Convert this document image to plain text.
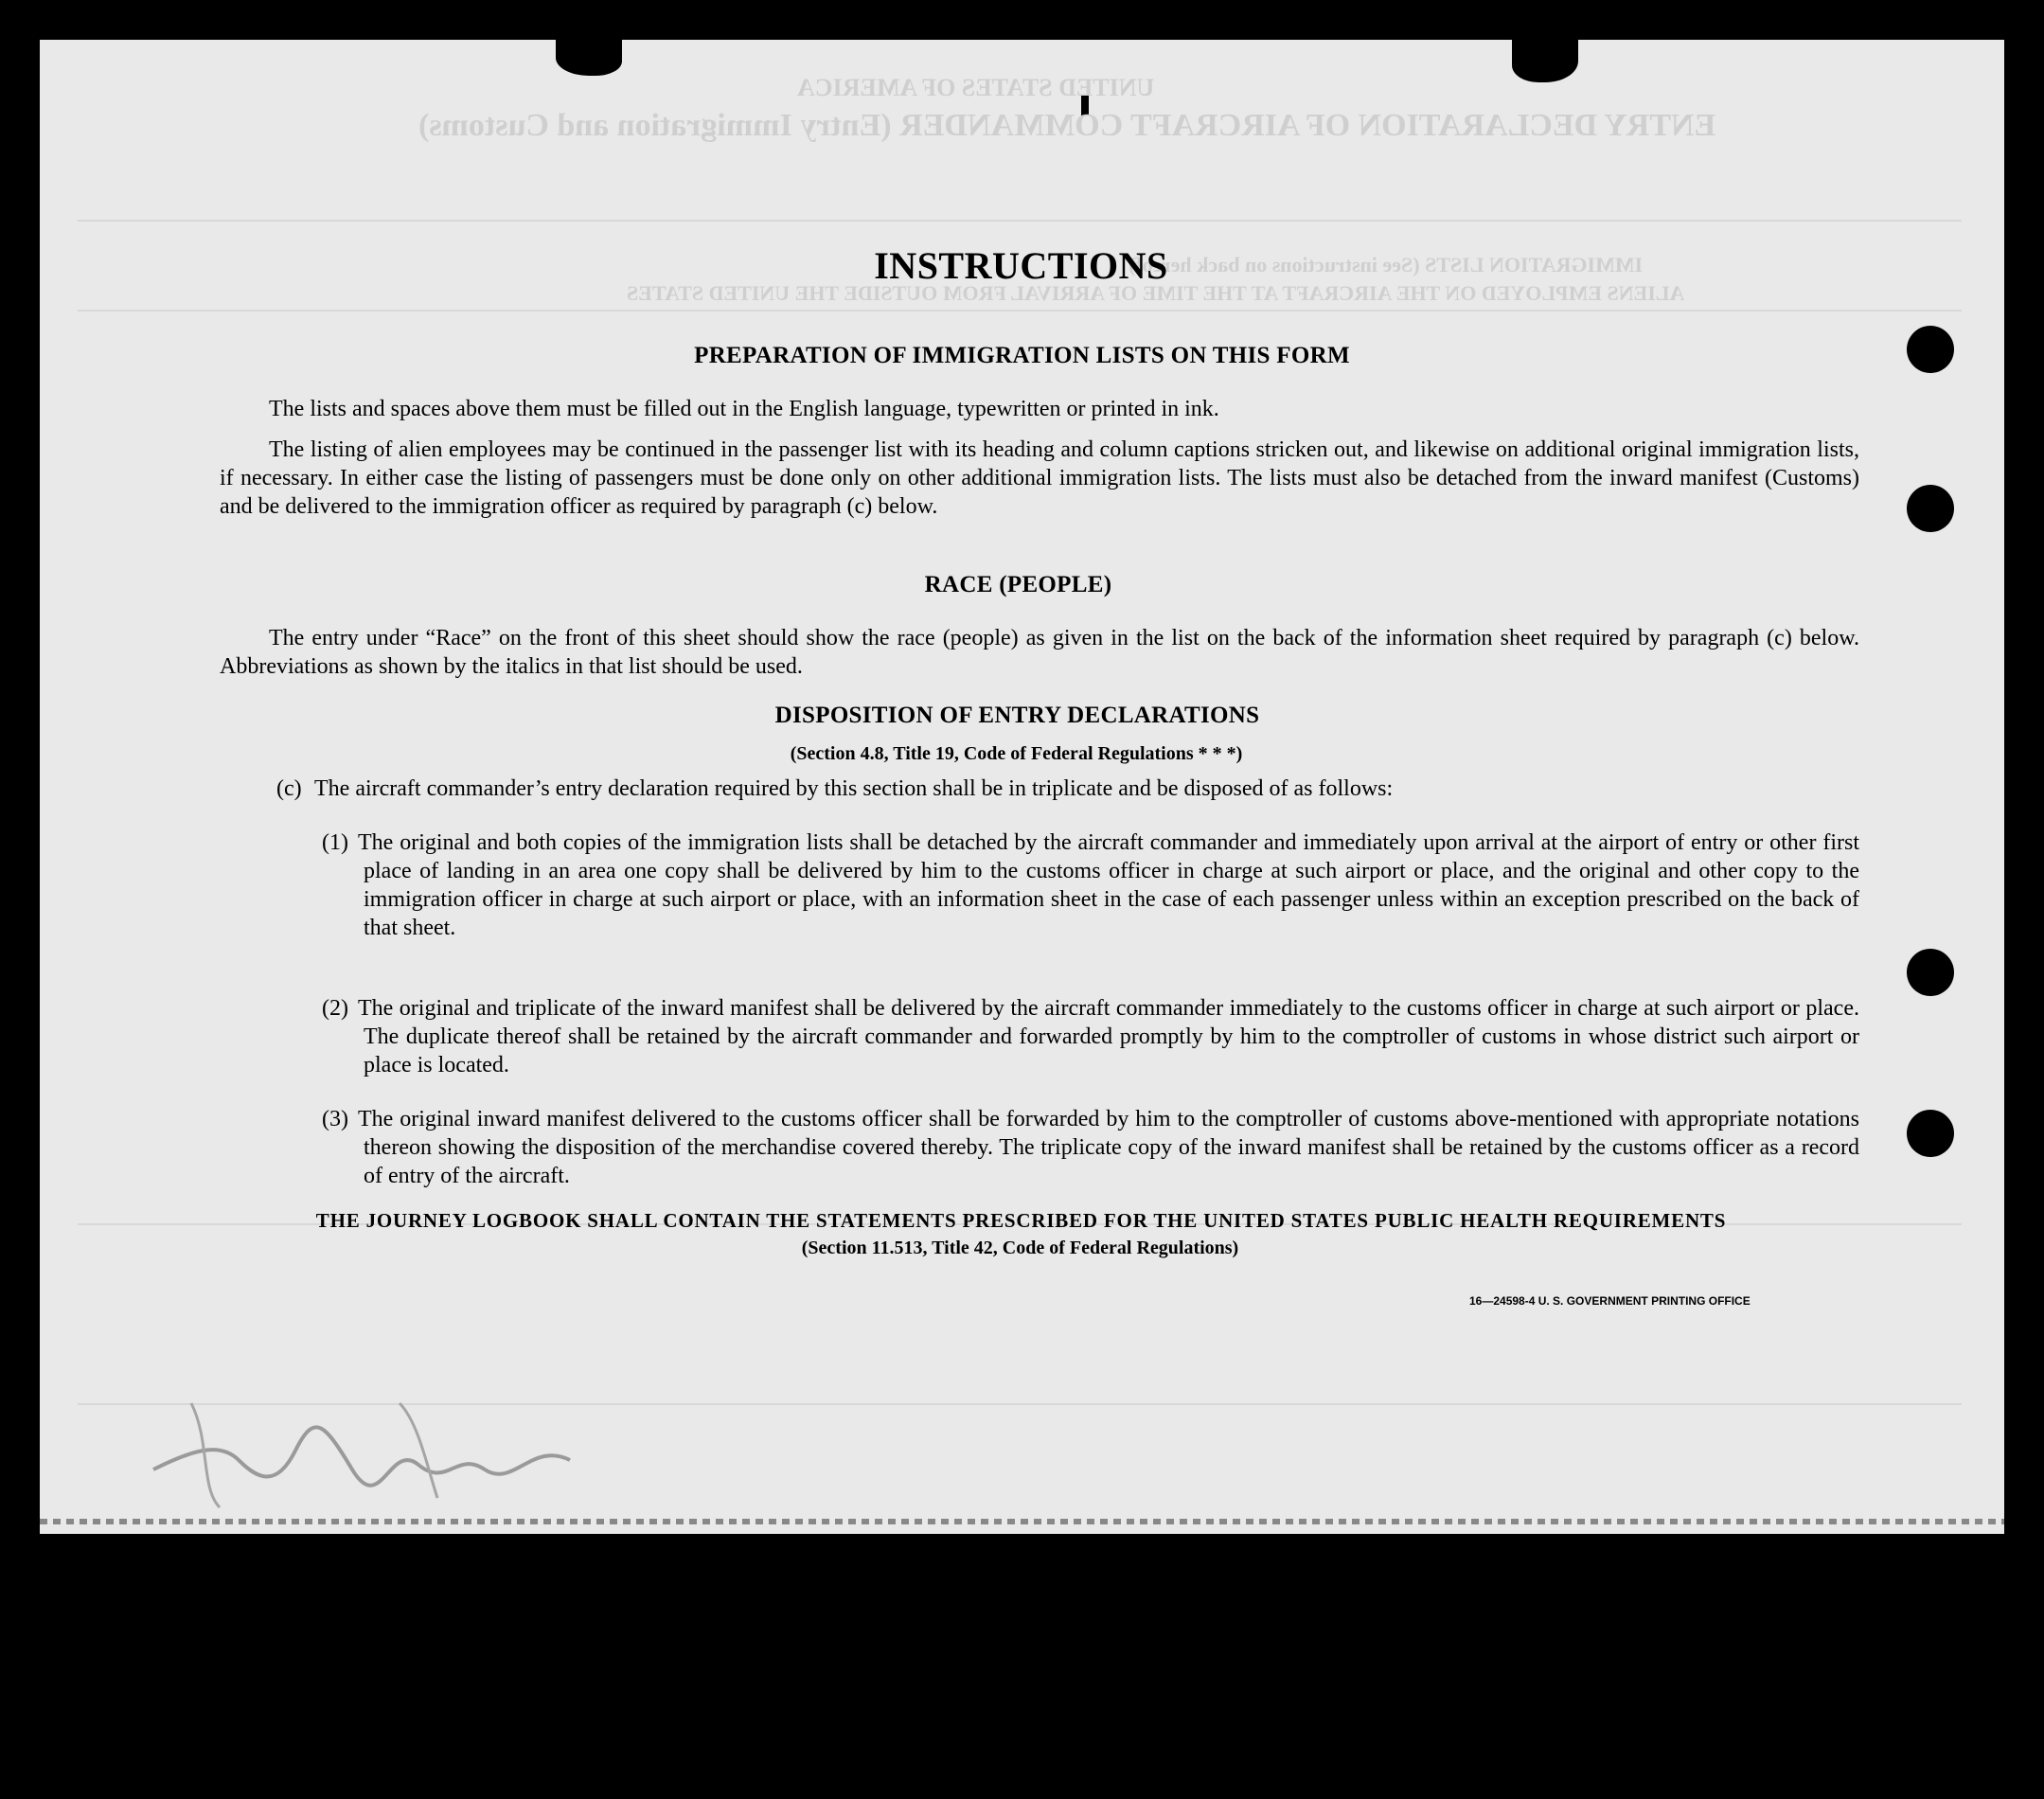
ENTRY DECLARATION OF AIRCRAFT COMMANDER (Entry Immigration and Customs)
UNITED STATES OF AMERICA
ALIENS EMPLOYED ON THE AIRCRAFT AT THE TIME OF ARRIVAL FROM OUTSIDE THE UNITED STATES
IMMIGRATION LISTS (See instructions on back hereof)
INSTRUCTIONS
PREPARATION OF IMMIGRATION LISTS ON THIS FORM
The lists and spaces above them must be filled out in the English language, typewritten or printed in ink.
The listing of alien employees may be continued in the passenger list with its heading and column captions stricken out, and likewise on additional original immigration lists, if necessary. In either case the listing of passengers must be done only on other additional immigration lists. The lists must also be detached from the inward manifest (Customs) and be delivered to the immigration officer as required by paragraph (c) below.
RACE (PEOPLE)
The entry under “Race” on the front of this sheet should show the race (people) as given in the list on the back of the information sheet required by paragraph (c) below. Abbreviations as shown by the italics in that list should be used.
DISPOSITION OF ENTRY DECLARATIONS
(Section 4.8, Title 19, Code of Federal Regulations * * *)
(c) The aircraft commander’s entry declaration required by this section shall be in triplicate and be disposed of as follows:
(1) The original and both copies of the immigration lists shall be detached by the aircraft commander and immediately upon arrival at the airport of entry or other first place of landing in an area one copy shall be delivered by him to the customs officer in charge at such airport or place, and the original and other copy to the immigration officer in charge at such airport or place, with an information sheet in the case of each passenger unless within an exception prescribed on the back of that sheet.
(2) The original and triplicate of the inward manifest shall be delivered by the aircraft commander immediately to the customs officer in charge at such airport or place. The duplicate thereof shall be retained by the aircraft commander and forwarded promptly by him to the comptroller of customs in whose district such airport or place is located.
(3) The original inward manifest delivered to the customs officer shall be forwarded by him to the comptroller of customs above-mentioned with appropriate notations thereon showing the disposition of the merchandise covered thereby. The triplicate copy of the inward manifest shall be retained by the customs officer as a record of entry of the aircraft.
THE JOURNEY LOGBOOK SHALL CONTAIN THE STATEMENTS PRESCRIBED FOR THE UNITED STATES PUBLIC HEALTH REQUIREMENTS
(Section 11.513, Title 42, Code of Federal Regulations)
16—24598-4 U. S. GOVERNMENT PRINTING OFFICE
